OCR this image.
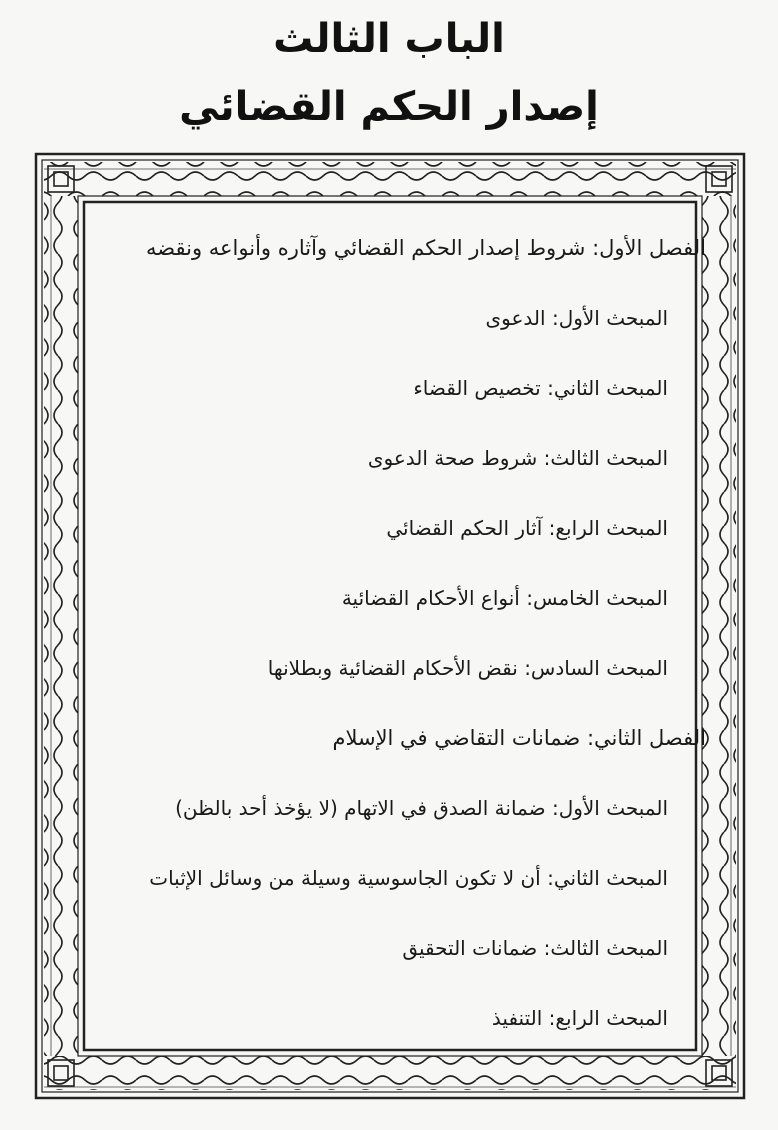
الباب الثالث
إصدار الحكم القضائي
الفصل الأول: شروط إصدار الحكم القضائي وآثاره وأنواعه ونقضه
المبحث الأول: الدعوى
المبحث الثاني: تخصيص القضاء
المبحث الثالث: شروط صحة الدعوى
المبحث الرابع: آثار الحكم القضائي
المبحث الخامس: أنواع الأحكام القضائية
المبحث السادس: نقض الأحكام القضائية وبطلانها
الفصل الثاني: ضمانات التقاضي في الإسلام
المبحث الأول: ضمانة الصدق في الاتهام (لا يؤخذ أحد بالظن)
المبحث الثاني: أن لا تكون الجاسوسية وسيلة من وسائل الإثبات
المبحث الثالث: ضمانات التحقيق
المبحث الرابع: التنفيذ
